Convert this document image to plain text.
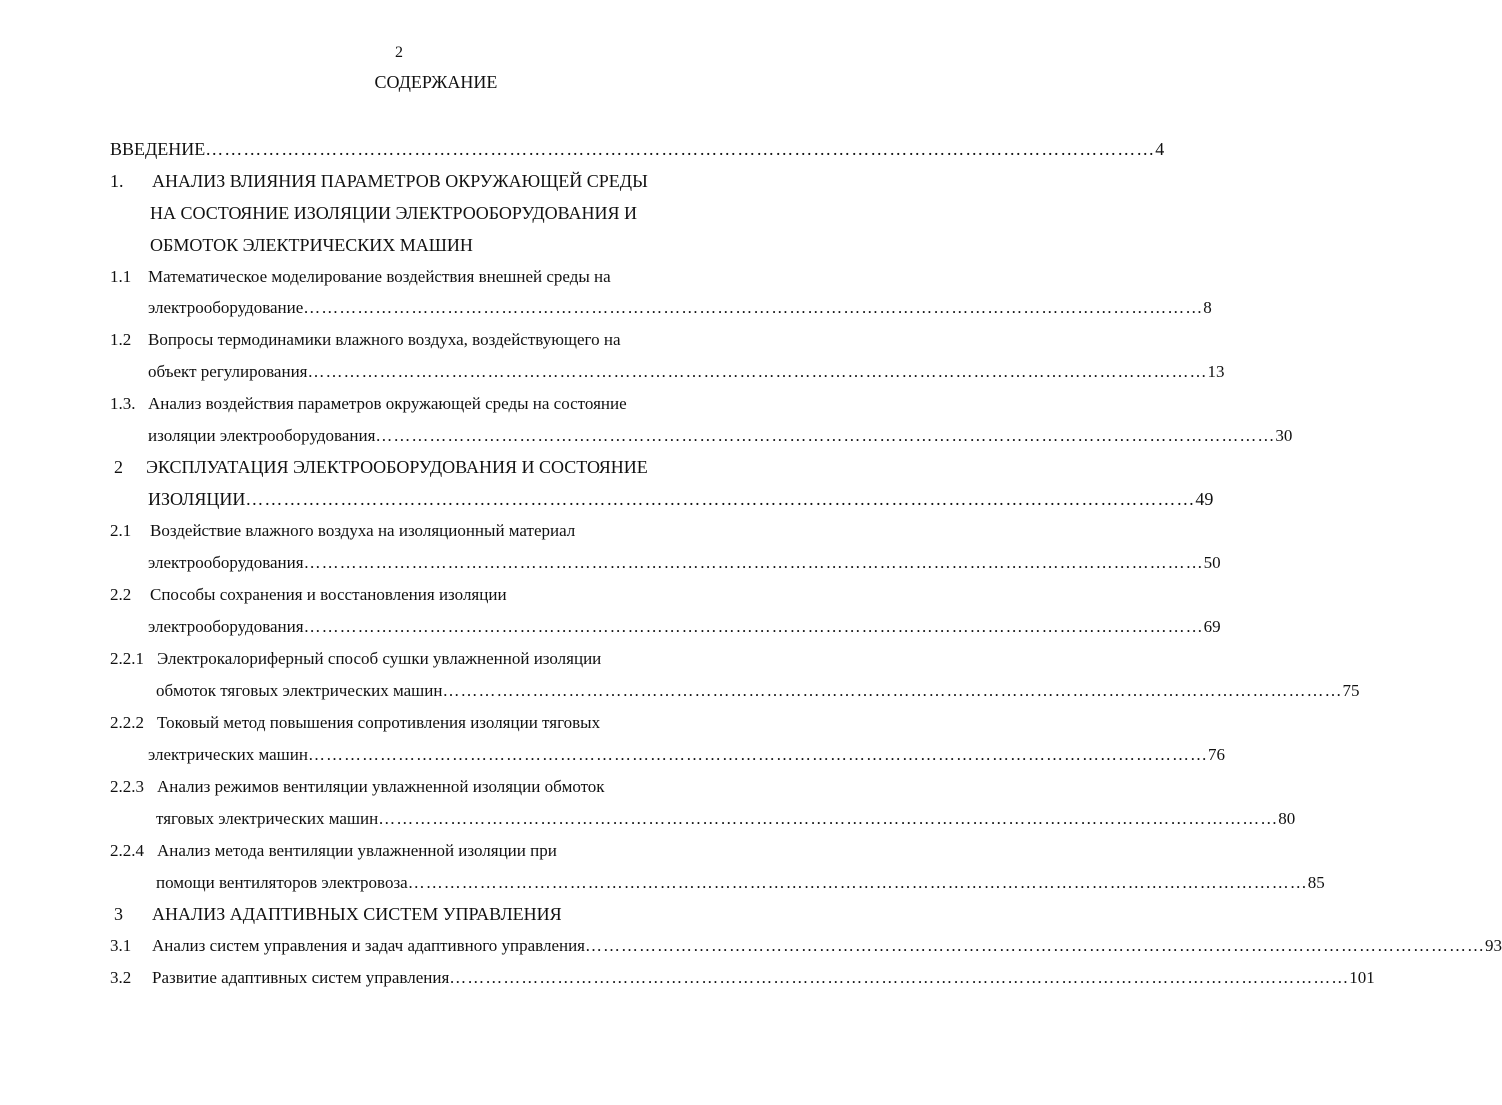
2
СОДЕРЖАНИЕ
ВВЕДЕНИЕ …………………………………………………………………………………………………………………………………… 4
1. АНАЛИЗ ВЛИЯНИЯ ПАРАМЕТРОВ ОКРУЖАЮЩЕЙ СРЕДЫ
НА СОСТОЯНИЕ ИЗОЛЯЦИИ ЭЛЕКТРООБОРУДОВАНИЯ И
ОБМОТОК ЭЛЕКТРИЧЕСКИХ МАШИН
1.1 Математическое моделирование воздействия внешней среды на
электрооборудование …………………………………………………………………………………………………………………………………… 8
1.2 Вопросы термодинамики влажного воздуха, воздействующего на
объект регулирования …………………………………………………………………………………………………………………………………… 13
1.3. Анализ воздействия параметров окружающей среды на состояние
изоляции электрооборудования …………………………………………………………………………………………………………………………………… 30
2 ЭКСПЛУАТАЦИЯ ЭЛЕКТРООБОРУДОВАНИЯ И СОСТОЯНИЕ
ИЗОЛЯЦИИ …………………………………………………………………………………………………………………………………… 49
2.1 Воздействие влажного воздуха на изоляционный материал
электрооборудования …………………………………………………………………………………………………………………………………… 50
2.2 Способы сохранения и восстановления изоляции
электрооборудования …………………………………………………………………………………………………………………………………… 69
2.2.1 Электрокалориферный способ сушки увлажненной изоляции
обмоток тяговых электрических машин …………………………………………………………………………………………………………………………………… 75
2.2.2 Токовый метод повышения сопротивления изоляции тяговых
электрических машин …………………………………………………………………………………………………………………………………… 76
2.2.3 Анализ режимов вентиляции увлажненной изоляции обмоток
тяговых электрических машин …………………………………………………………………………………………………………………………………… 80
2.2.4 Анализ метода вентиляции увлажненной изоляции при
помощи вентиляторов электровоза …………………………………………………………………………………………………………………………………… 85
3 АНАЛИЗ АДАПТИВНЫХ СИСТЕМ УПРАВЛЕНИЯ
3.1 Анализ систем управления и задач адаптивного управления …………………………………………………………………………………………………………………………………… 93
3.2 Развитие адаптивных систем управления …………………………………………………………………………………………………………………………………… 101
